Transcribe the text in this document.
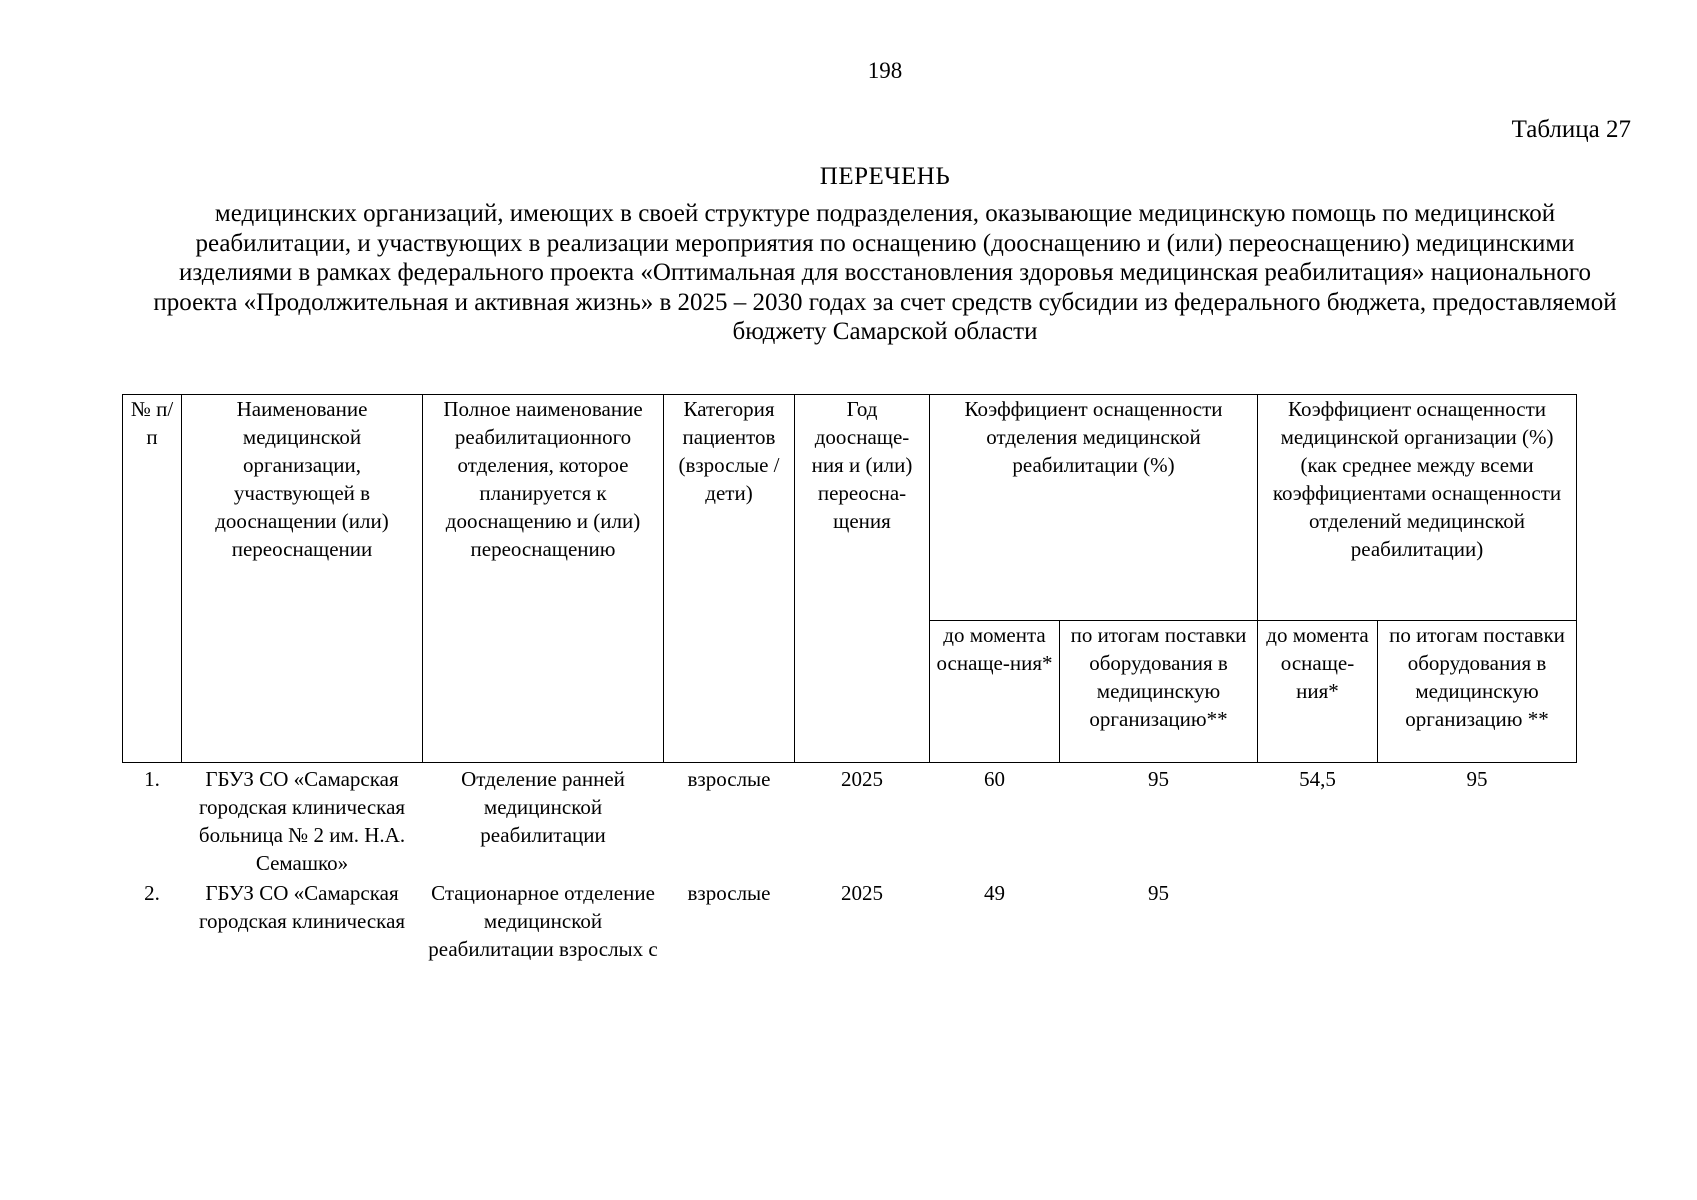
198
Таблица 27
ПЕРЕЧЕНЬ
медицинских организаций, имеющих в своей структуре подразделения, оказывающие медицинскую помощь по медицинской реабилитации, и участвующих в реализации мероприятия по оснащению (дооснащению и (или) переоснащению) медицинскими изделиями в рамках федерального проекта «Оптимальная для восстановления здоровья медицинская реабилитация» национального проекта «Продолжительная и активная жизнь» в 2025 – 2030 годах за счет средств субсидии из федерального бюджета, предоставляемой бюджету Самарской области
№ п/п	Наименование медицинской организации, участвующей в дооснащении (или) переоснащении	Полное наименование реабилитационного отделения, которое планируется к дооснащению и (или) переоснащению	Категория пациентов (взрослые / дети)	Год дооснаще-ния и (или) переосна-щения	Коэффициент оснащенности отделения медицинской реабилитации (%)		Коэффициент оснащенности медицинской организации (%) (как среднее между всеми коэффициентами оснащенности отделений медицинской реабилитации)	
					до момента оснаще-ния*	по итогам поставки оборудования в медицинскую организацию**	до момента оснаще-ния*	по итогам поставки оборудования в медицинскую организацию **
1.	ГБУЗ СО «Самарская городская клиническая больница № 2 им. Н.А. Семашко»	Отделение ранней медицинской реабилитации	взрослые	2025	60	95	54,5	95
2.	ГБУЗ СО «Самарская городская клиническая	Стационарное отделение медицинской реабилитации взрослых с	взрослые	2025	49	95		
